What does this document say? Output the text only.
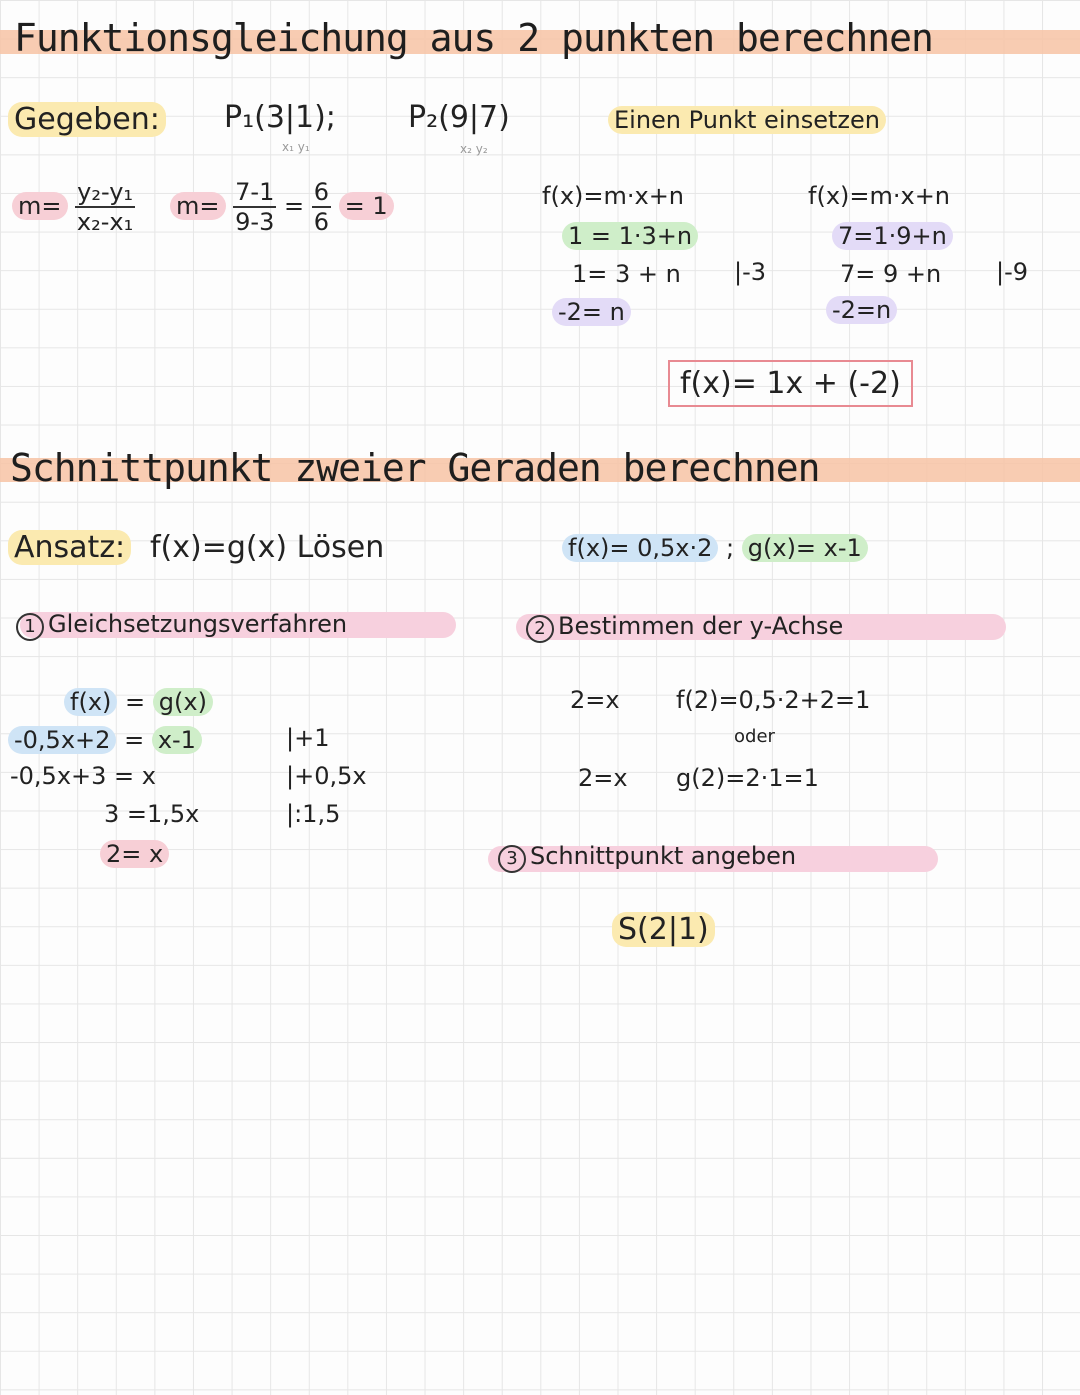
Funktionsgleichung aus 2 punkten berechnen
Gegeben: P₁(3|1);
x₁ y₁
P₂(9|7)
x₂ y₂
Einen Punkt einsetzen
$m= \frac{\text{y₂-y₁}}{\text{x₂-x₁}} m= \frac{7-1}{9-3} = \frac{6}{6} = 1$	f(x)=m·x+n
1 = 1·3+n
1= 3 + n |-3
-2= n
f(x)=m·x+n
7=1·9+n
7= 9 +n |-9
-2=n
f(x)= 1x + (-2)
Schnittpunkt zweier Geraden berechnen
Ansatz: f(x)=g(x) Lösen	f(x)= 0,5x·2 ; g(x)= x-1
1 Gleichsetzungsverfahren
f(x) = g(x)
-0,5x+2 = x-1	|+1
-0,5x+3 = x	|+0,5x
3 =1,5x	|:1,5
2= x
2 Bestimmen der y-Achse
2=x f(2)=0,5·2+2=1
oder
2=x g(2)=2·1=1
3 Schnittpunkt angeben
S(2|1)
